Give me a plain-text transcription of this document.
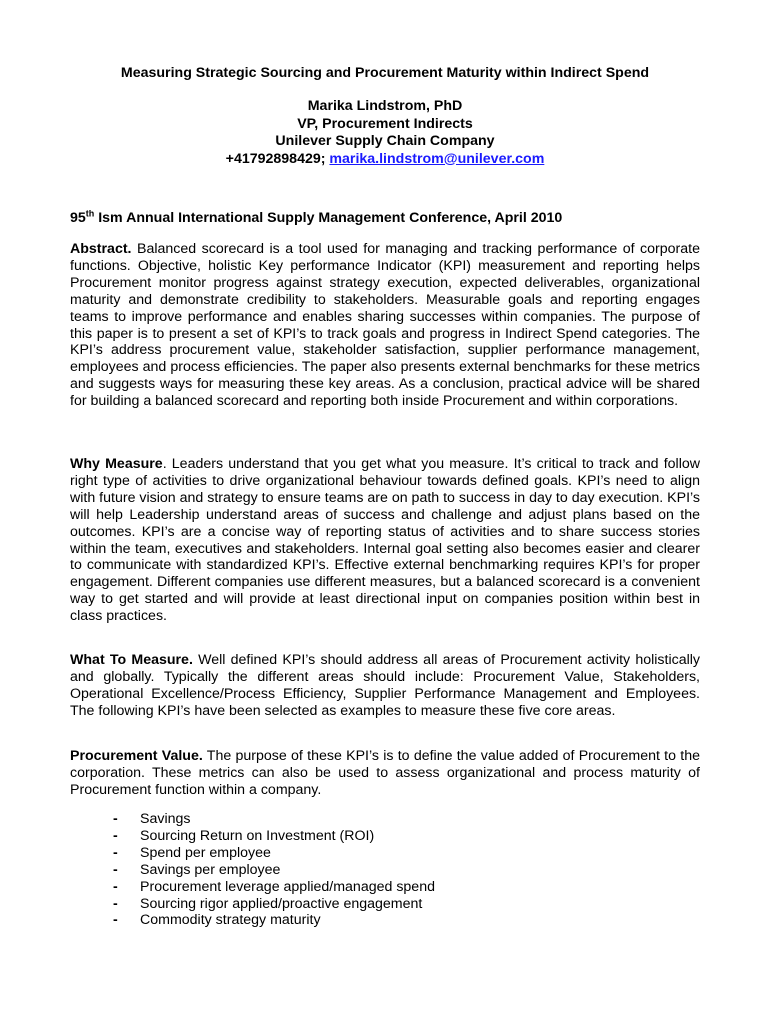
Measuring Strategic Sourcing and Procurement Maturity within Indirect Spend
Marika Lindstrom, PhD
VP, Procurement Indirects
Unilever Supply Chain Company
+41792898429; marika.lindstrom@unilever.com
95th Ism Annual International Supply Management Conference, April 2010
Abstract. Balanced scorecard is a tool used for managing and tracking performance of corporate functions. Objective, holistic Key performance Indicator (KPI) measurement and reporting helps Procurement monitor progress against strategy execution, expected deliverables, organizational maturity and demonstrate credibility to stakeholders. Measurable goals and reporting engages teams to improve performance and enables sharing successes within companies. The purpose of this paper is to present a set of KPI’s to track goals and progress in Indirect Spend categories. The KPI’s address procurement value, stakeholder satisfaction, supplier performance management, employees and process efficiencies. The paper also presents external benchmarks for these metrics and suggests ways for measuring these key areas. As a conclusion, practical advice will be shared for building a balanced scorecard and reporting both inside Procurement and within corporations.
Why Measure. Leaders understand that you get what you measure. It’s critical to track and follow right type of activities to drive organizational behaviour towards defined goals. KPI’s need to align with future vision and strategy to ensure teams are on path to success in day to day execution. KPI’s will help Leadership understand areas of success and challenge and adjust plans based on the outcomes. KPI’s are a concise way of reporting status of activities and to share success stories within the team, executives and stakeholders. Internal goal setting also becomes easier and clearer to communicate with standardized KPI’s. Effective external benchmarking requires KPI’s for proper engagement. Different companies use different measures, but a balanced scorecard is a convenient way to get started and will provide at least directional input on companies position within best in class practices.
What To Measure. Well defined KPI’s should address all areas of Procurement activity holistically and globally. Typically the different areas should include: Procurement Value, Stakeholders, Operational Excellence/Process Efficiency, Supplier Performance Management and Employees. The following KPI’s have been selected as examples to measure these five core areas.
Procurement Value. The purpose of these KPI’s is to define the value added of Procurement to the corporation. These metrics can also be used to assess organizational and process maturity of Procurement function within a company.
- Savings
- Sourcing Return on Investment (ROI)
- Spend per employee
- Savings per employee
- Procurement leverage applied/managed spend
- Sourcing rigor applied/proactive engagement
- Commodity strategy maturity
